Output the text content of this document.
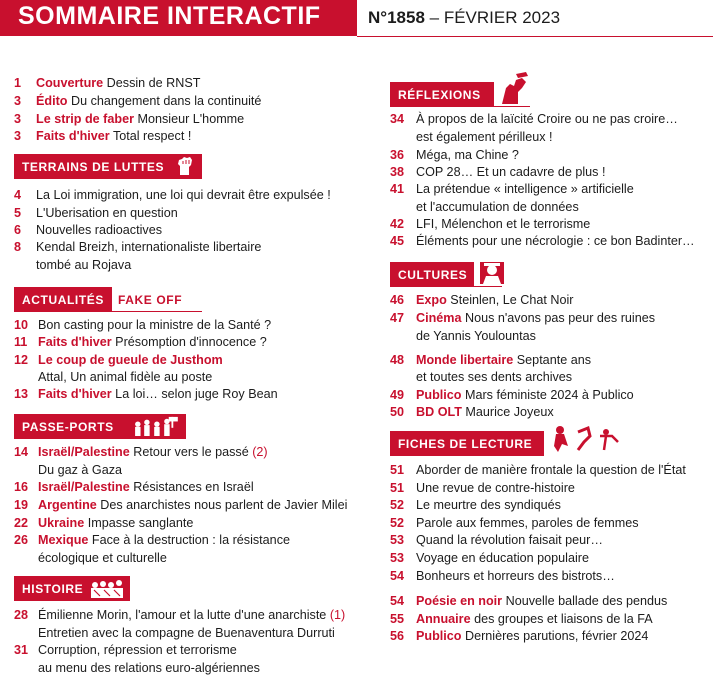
SOMMAIRE INTERACTIF	N°1858 – FÉVRIER 2023
1 Couverture Dessin de RNST
3 Édito Du changement dans la continuité
3 Le strip de faber Monsieur L'homme
3 Faits d'hiver Total respect !
4 La Loi immigration, une loi qui devrait être expulsée !
5 L'Uberisation en question
6 Nouvelles radioactives
8 Kendal Breizh, internationaliste libertaire
tombé au Rojava
10 Bon casting pour la ministre de la Santé ?
11 Faits d'hiver Présomption d'innocence ?
12 Le coup de gueule de Justhom
Attal, Un animal fidèle au poste
13 Faits d'hiver La loi… selon juge Roy Bean
14 Israël/Palestine Retour vers le passé (2)
Du gaz à Gaza
16 Israël/Palestine Résistances en Israël
19 Argentine Des anarchistes nous parlent de Javier Milei
22 Ukraine Impasse sanglante
26 Mexique Face à la destruction : la résistance
écologique et culturelle
28 Émilienne Morin, l'amour et la lutte d'une anarchiste (1)
Entretien avec la compagne de Buenaventura Durruti
31 Corruption, répression et terrorisme
au menu des relations euro-algériennes
34 À propos de la laïcité Croire ou ne pas croire…
est également périlleux !
36 Méga, ma Chine ?
38 COP 28… Et un cadavre de plus !
41 La prétendue « intelligence » artificielle
et l'accumulation de données
42 LFI, Mélenchon et le terrorisme
45 Éléments pour une nécrologie : ce bon Badinter…
46 Expo Steinlen, Le Chat Noir
47 Cinéma Nous n'avons pas peur des ruines
de Yannis Youlountas
48 Monde libertaire Septante ans
et toutes ses dents archives
49 Publico Mars féministe 2024 à Publico
50 BD OLT Maurice Joyeux
51 Aborder de manière frontale la question de l'État
51 Une revue de contre-histoire
52 Le meurtre des syndiqués
52 Parole aux femmes, paroles de femmes
53 Quand la révolution faisait peur…
53 Voyage en éducation populaire
54 Bonheurs et horreurs des bistrots…
54 Poésie en noir Nouvelle ballade des pendus
55 Annuaire des groupes et liaisons de la FA
56 Publico Dernières parutions, février 2024
TERRAINS DE LUTTES
ACTUALITÉS	FAKE OFF
PASSE-PORTS
HISTOIRE
RÉFLEXIONS
CULTURES
FICHES DE LECTURE
